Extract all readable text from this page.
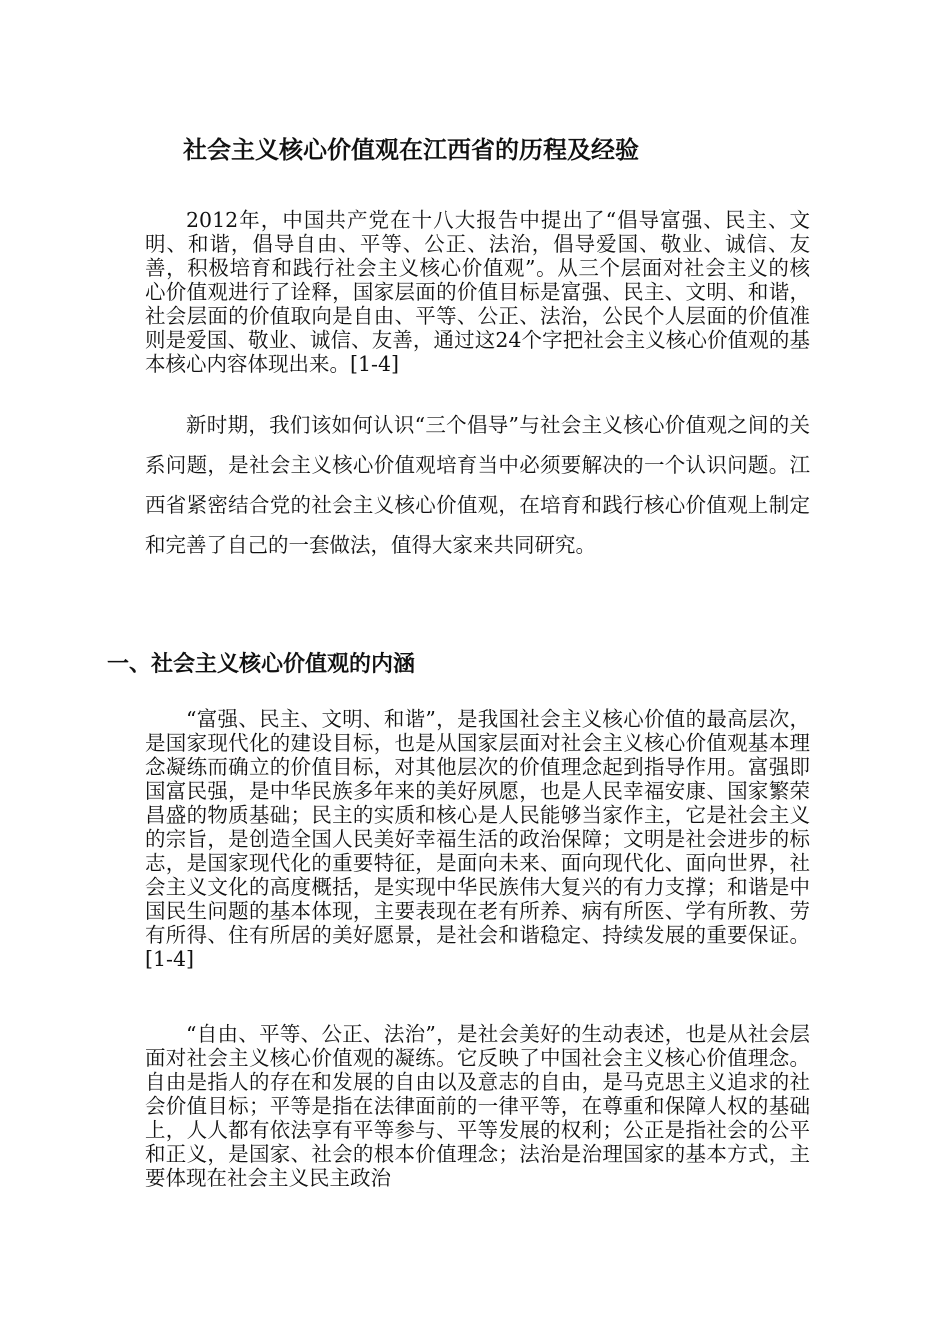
社会主义核心价值观在江西省的历程及经验

2012年，中国共产党在十八大报告中提出了“倡导富强、民主、文明、和谐，倡导自由、平等、公正、法治，倡导爱国、敬业、诚信、友善，积极培育和践行社会主义核心价值观”。从三个层面对社会主义的核心价值观进行了诠释，国家层面的价值目标是富强、民主、文明、和谐，社会层面的价值取向是自由、平等、公正、法治，公民个人层面的价值准则是爱国、敬业、诚信、友善，通过这24个字把社会主义核心价值观的基本核心内容体现出来。[1-4]

新时期，我们该如何认识“三个倡导”与社会主义核心价值观之间的关系问题，是社会主义核心价值观培育当中必须要解决的一个认识问题。江西省紧密结合党的社会主义核心价值观，在培育和践行核心价值观上制定和完善了自己的一套做法，值得大家来共同研究。

一、社会主义核心价值观的内涵

“富强、民主、文明、和谐”，是我国社会主义核心价值的最高层次，是国家现代化的建设目标，也是从国家层面对社会主义核心价值观基本理念凝练而确立的价值目标，对其他层次的价值理念起到指导作用。富强即国富民强，是中华民族多年来的美好夙愿，也是人民幸福安康、国家繁荣昌盛的物质基础；民主的实质和核心是人民能够当家作主，它是社会主义的宗旨，是创造全国人民美好幸福生活的政治保障；文明是社会进步的标志，是国家现代化的重要特征，是面向未来、面向现代化、面向世界，社会主义文化的高度概括，是实现中华民族伟大复兴的有力支撑；和谐是中国民生问题的基本体现，主要表现在老有所养、病有所医、学有所教、劳有所得、住有所居的美好愿景，是社会和谐稳定、持续发展的重要保证。[1-4]

“自由、平等、公正、法治”，是社会美好的生动表述，也是从社会层面对社会主义核心价值观的凝练。它反映了中国社会主义核心价值理念。自由是指人的存在和发展的自由以及意志的自由，是马克思主义追求的社会价值目标；平等是指在法律面前的一律平等，在尊重和保障人权的基础上，人人都有依法享有平等参与、平等发展的权利；公正是指社会的公平和正义，是国家、社会的根本价值理念；法治是治理国家的基本方式，主要体现在社会主义民主政治
